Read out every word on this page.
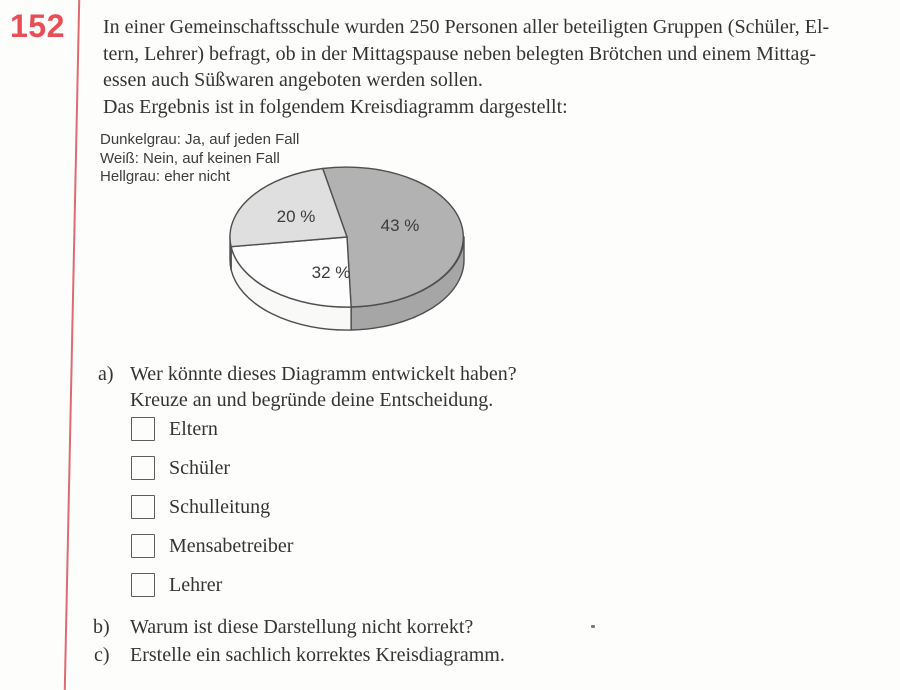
152 In einer Gemeinschaftsschule wurden 250 Personen aller beteiligten Gruppen (Schüler, El-
tern, Lehrer) befragt, ob in der Mittagspause neben belegten Brötchen und einem Mittag-
essen auch Süßwaren angeboten werden sollen.
Das Ergebnis ist in folgendem Kreisdiagramm dargestellt:
Dunkelgrau: Ja, auf jeden Fall
Weiß: Nein, auf keinen Fall
Hellgrau: eher nicht
20 %	43 %
32 %
a) Wer könnte dieses Diagramm entwickelt haben?
Kreuze an und begründe deine Entscheidung.
Eltern
Schüler
Schulleitung
Mensabetreiber
Lehrer
b) Warum ist diese Darstellung nicht korrekt?
c) Erstelle ein sachlich korrektes Kreisdiagramm.
